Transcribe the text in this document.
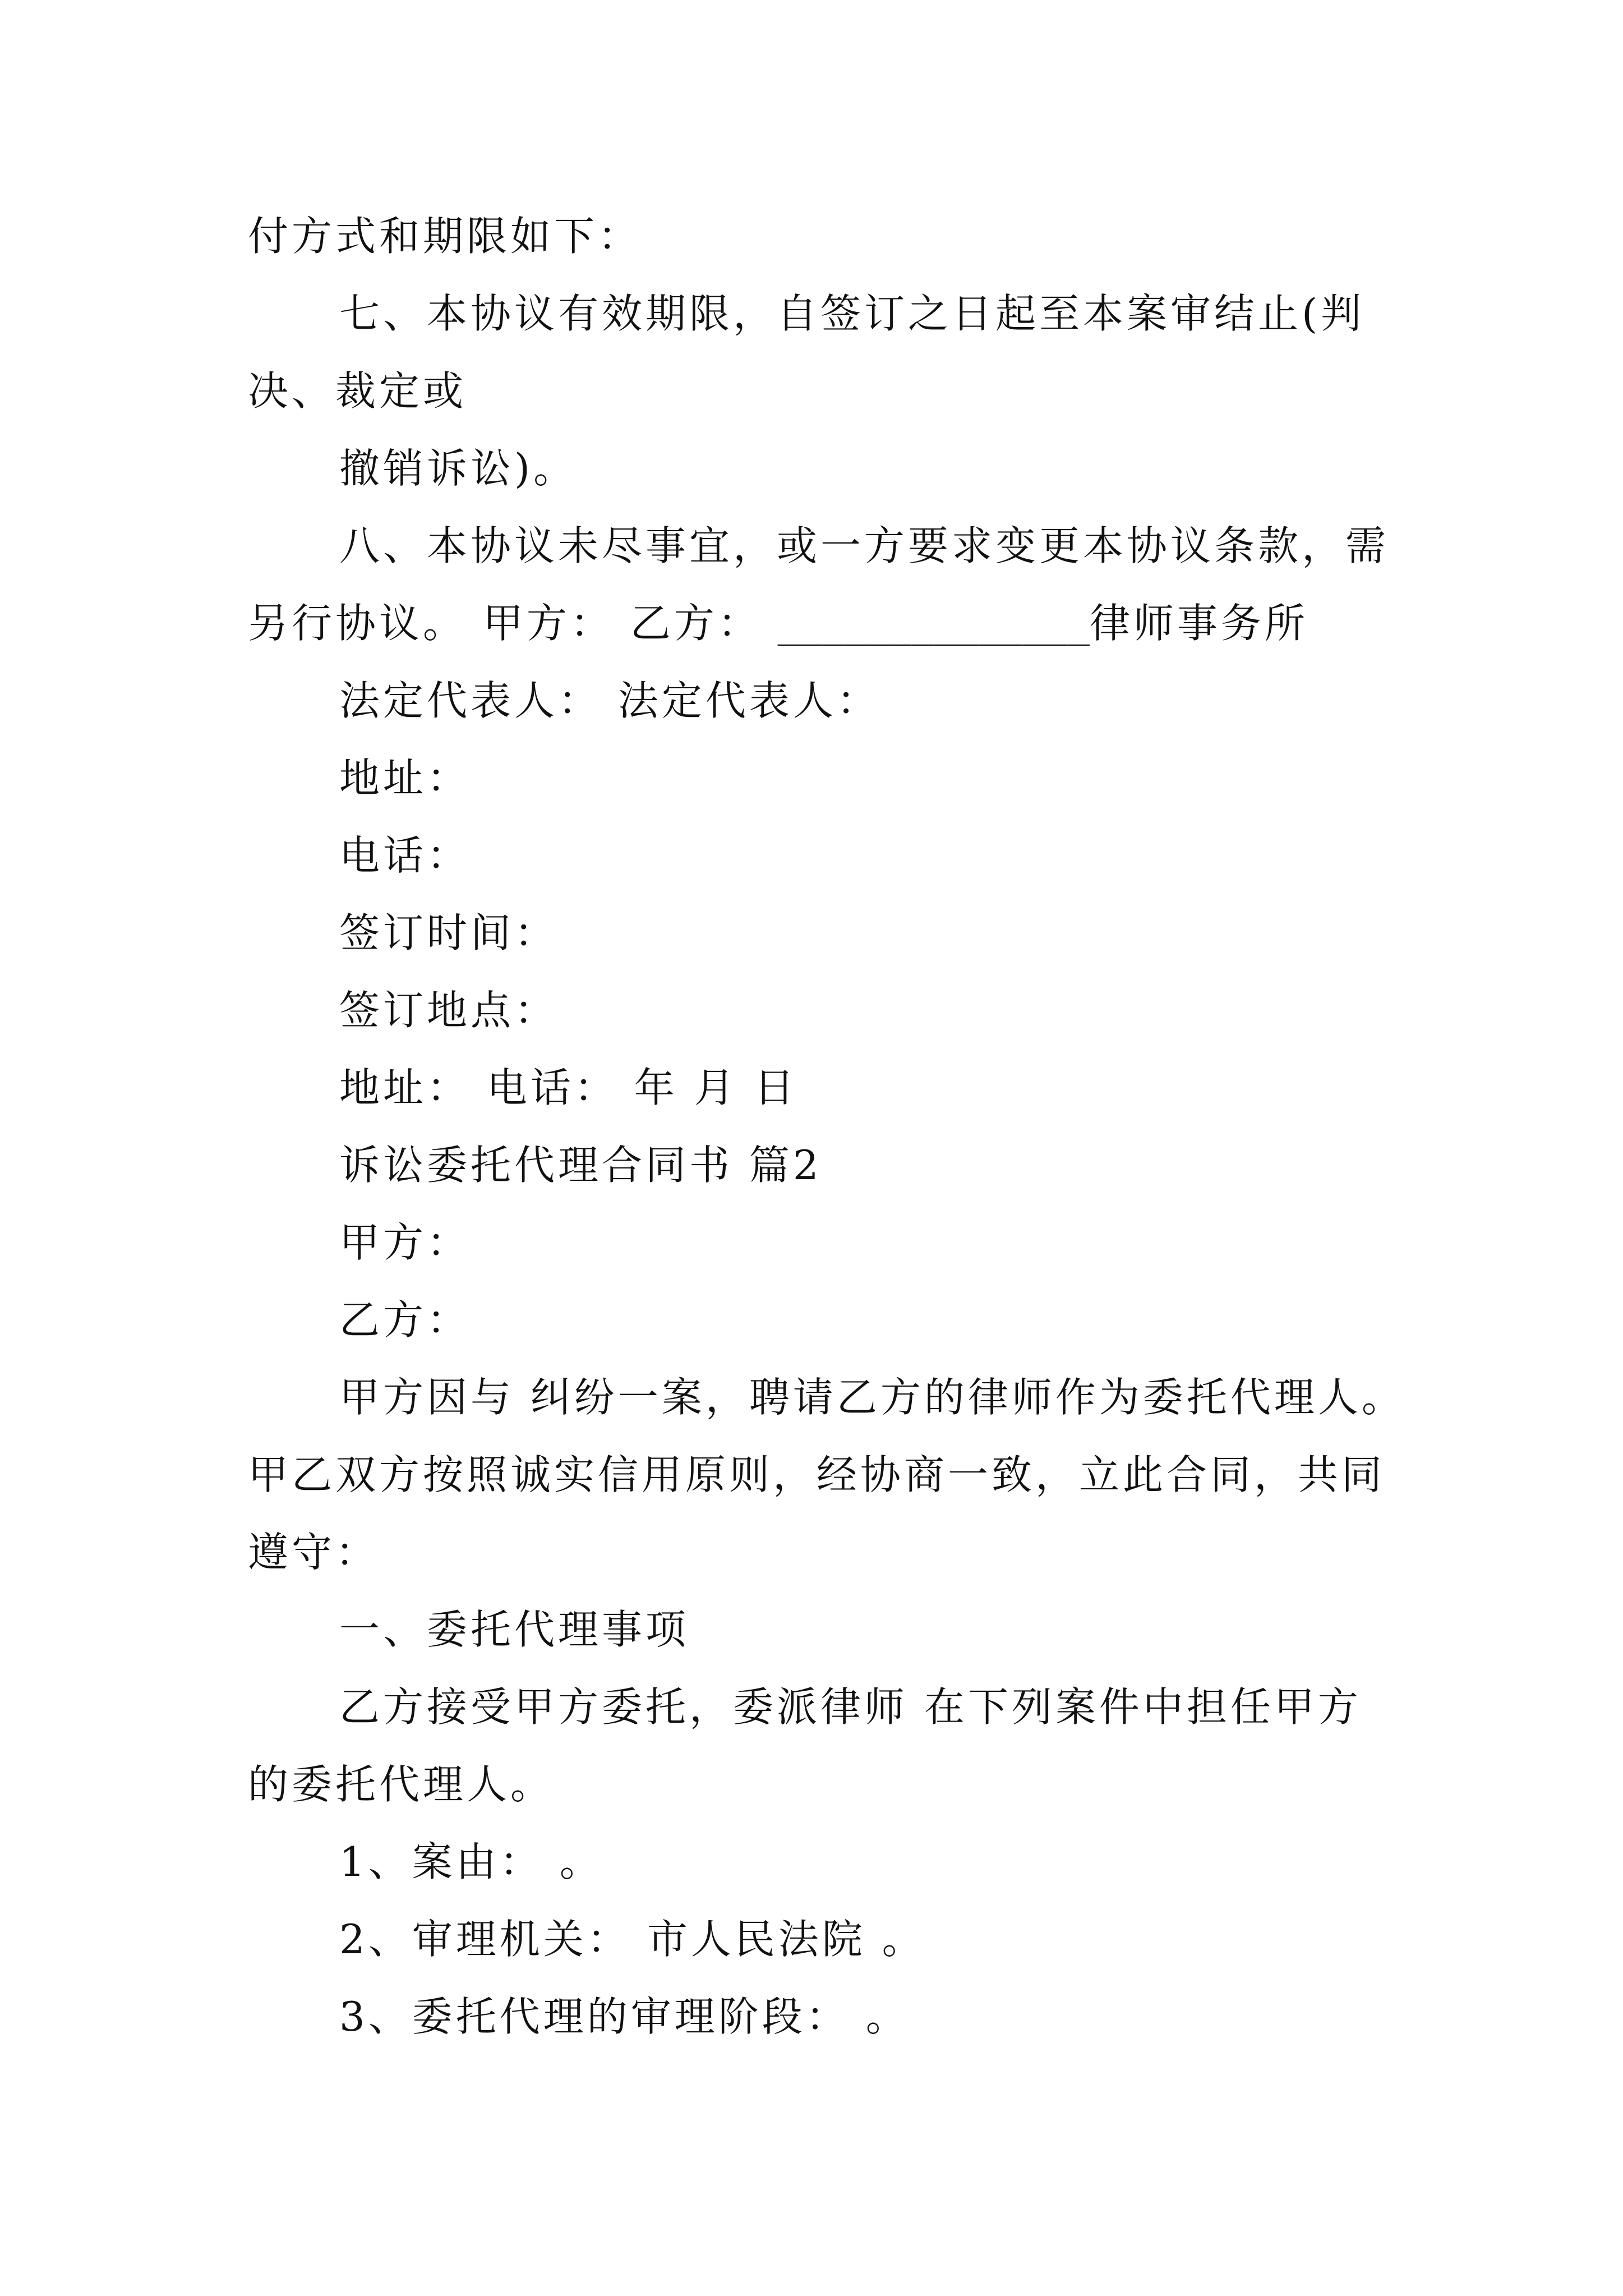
付方式和期限如下：

七、本协议有效期限，自签订之日起至本案审结止(判
决、裁定或

撤销诉讼)。

八、本协议未尽事宜，或一方要求变更本协议条款，需
另行协议。 甲方： 乙方： ______________律师事务所

法定代表人： 法定代表人：

地址：

电话：

签订时间：

签订地点：

地址： 电话： 年 月 日

诉讼委托代理合同书 篇2

甲方：

乙方：

甲方因与 纠纷一案，聘请乙方的律师作为委托代理人。
甲乙双方按照诚实信用原则，经协商一致，立此合同，共同
遵守：

一、委托代理事项

乙方接受甲方委托，委派律师 在下列案件中担任甲方
的委托代理人。

1、案由： 。

2、审理机关： 市人民法院 。

3、委托代理的审理阶段： 。
